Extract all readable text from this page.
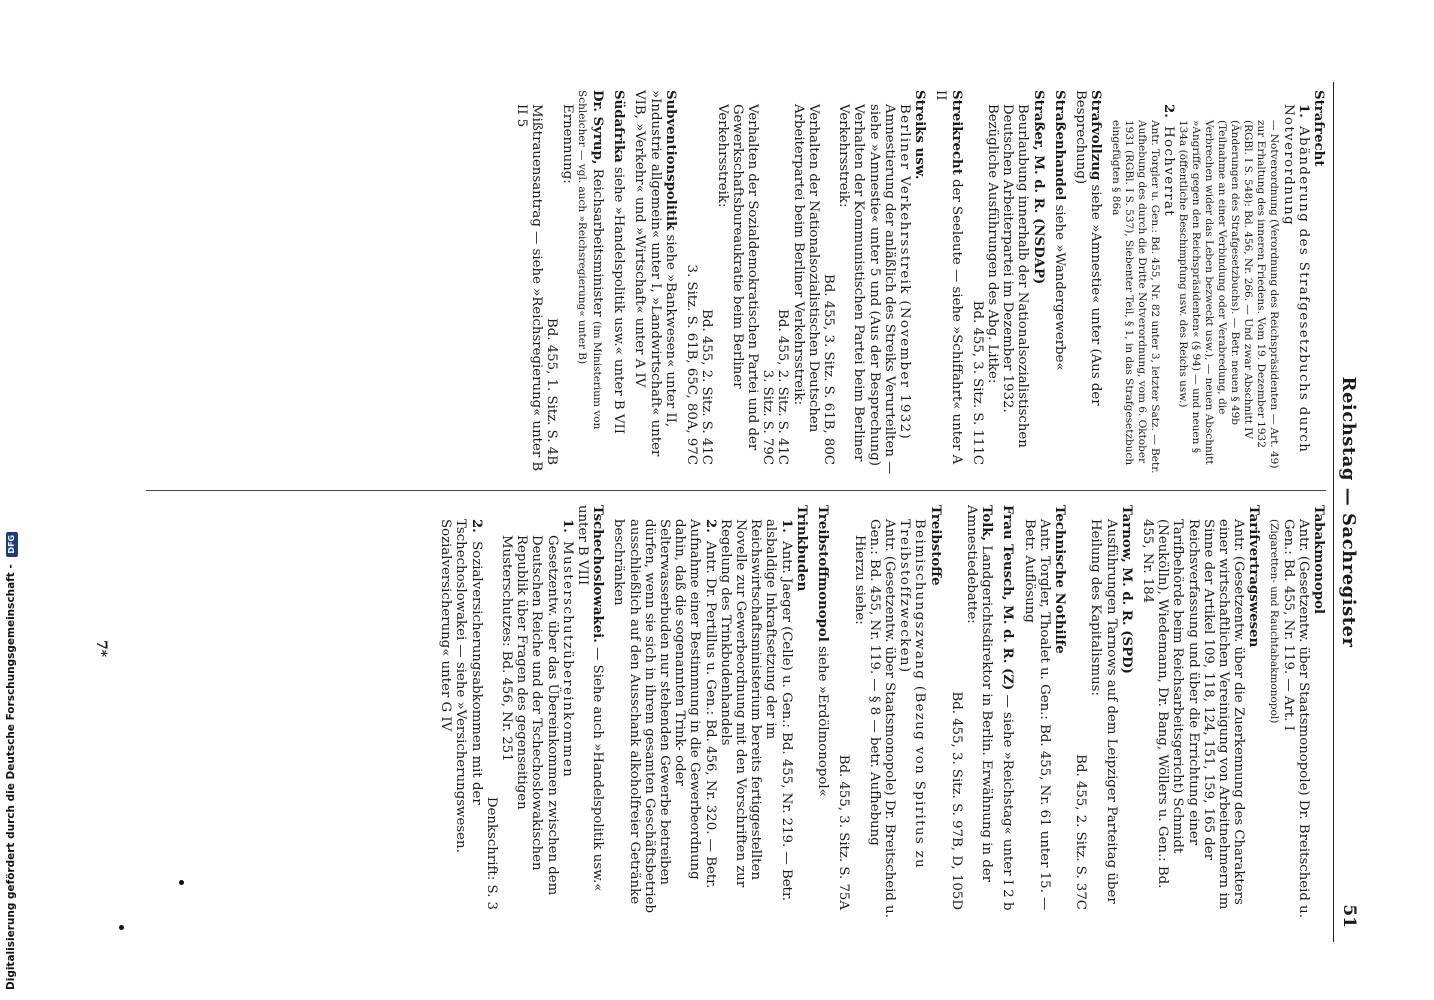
Reichstag — Sachregister
51
Strafrecht
1. Abänderung des Strafgesetzbuchs durch Notverordnung
— Notverordnung (Verordnung des Reichspräsidenten — Art. 49) zur Erhaltung des inneren Friedens. Vom 19. Dezember 1932 (RGBl. I S. 548): Bd. 456, Nr. 266. — Und zwar Abschnitt IV (Änderungen des Strafgesetzbuchs). — Betr. neuen § 49b (Teilnahme an einer Verbindung oder Verabredung, die Verbrechen wider das Leben bezweckt usw.), — neuen Abschnitt »Angriffe gegen den Reichspräsidenten« (§ 94) — und neuen § 134a (öffentliche Beschimpfung usw. des Reichs usw.)
2. Hochverrat
Antr. Torgler u. Gen.: Bd. 455, Nr. 82 unter 3, letzter Satz. — Betr. Aufhebung des durch die Dritte Notverordnung, vom 6. Oktober 1931 (RGBl. I S. 537), Siebenter Teil, § 1, in das Strafgesetzbuch eingefügten § 86a
Strafvollzug siehe »Amnestie« unter (Aus der Besprechung)
Straßenhandel siehe »Wandergewerbe«
Straßer, M. d. R. (NSDAP)
Beurlaubung innerhalb der Nationalsozialistischen Deutschen Arbeiterpartei im Dezember 1932. Bezügliche Ausführungen des Abg. Litke:
Bd. 455, 3. Sitz. S. 111C
Streikrecht der Seeleute — siehe »Schiffahrt« unter A II
Streiks usw.
Berliner Verkehrsstreik (November 1932)
Amnestierung der anläßlich des Streiks Verurteilten — siehe »Amnestie« unter 5 und (Aus der Besprechung)
Verhalten der Kommunistischen Partei beim Berliner Verkehrsstreik:
Bd. 455, 3. Sitz. S. 61B, 80C
Verhalten der Nationalsozialistischen Deutschen Arbeiterpartei beim Berliner Verkehrsstreik:
Bd. 455, 2. Sitz. S. 41C
3. Sitz. S. 79C
Verhalten der Sozialdemokratischen Partei und der Gewerkschaftsbureaukratie beim Berliner Verkehrsstreik:
Bd. 455, 2. Sitz. S. 41C
3. Sitz. S. 61B, 65C, 80A, 97C
Subventionspolitik siehe »Bankwesen« unter II, »Industrie allgemein« unter I, »Landwirtschaft« unter VIB, »Verkehr« und »Wirtschaft« unter A IV
Südafrika siehe »Handelspolitik usw.« unter B VII
Dr. Syrup, Reichsarbeitsminister (im Ministerium von Schleicher — vgl. auch »Reichsregierung« unter B)
Ernennung:
Bd. 455, 1. Sitz. S. 4B
Mißtrauensantrag — siehe »Reichsregierung« unter B II 5
Tabakmonopol
Antr. (Gesetzentw. über Staatsmonopole) Dr. Breitscheid u. Gen.: Bd. 455, Nr. 119. — Art. I
(Zigaretten- und Rauchtabakmonopol)
Tarifvertragswesen
Antr. (Gesetzentw. über die Zuerkennung des Charakters einer wirtschaftlichen Vereinigung von Arbeitnehmern im Sinne der Artikel 109, 118, 124, 151, 159, 165 der Reichsverfassung und über die Errichtung einer Tarifbehörde beim Reichsarbeitsgericht) Schmidt (Neukölln), Wiedemann, Dr. Bang, Wöllers u. Gen.: Bd. 455, Nr. 184
Tarnow, M. d. R. (SPD)
Ausführungen Tarnows auf dem Leipziger Parteitag über Heilung des Kapitalismus:
Bd. 455, 2. Sitz. S. 37C
Technische Nothilfe
Antr. Torgler, Thoalet u. Gen.: Bd. 455, Nr. 61 unter 15. — Betr. Auflösung
Frau Teusch, M. d. R. (Z) — siehe »Reichstag« unter I 2 b
Tolk, Landgerichtsdirektor in Berlin. Erwähnung in der Amnestiedebatte:
Bd. 455, 3. Sitz. S. 97B, D, 105D
Treibstoffe
Beimischungszwang (Bezug von Spiritus zu Treibstoffzwecken)
Antr. (Gesetzentw. über Staatsmonopole) Dr. Breitscheid u. Gen.: Bd. 455, Nr. 119. — § 8 — betr. Aufhebung
Hierzu siehe:
Bd. 455, 3. Sitz. S. 75A
Treibstoffmonopol siehe »Erdölmonopol«
Trinkbuden
1. Antr. Jaeger (Celle) u. Gen.: Bd. 455, Nr. 219. — Betr. alsbaldige Inkraftsetzung der im Reichswirtschaftsministerium bereits fertiggestellten Novelle zur Gewerbeordnung mit den Vorschriften zur Regelung des Trinkbudenhandels
2. Antr. Dr. Pertillus u. Gen.: Bd. 456, Nr. 320. — Betr. Aufnahme einer Bestimmung in die Gewerbeordnung dahin, daß die sogenannten Trink- oder Selterwasserbuden nur stehenden Gewerbe betreiben dürfen, wenn sie sich in ihrem gesamten Geschäftsbetrieb ausschließlich auf den Ausschank alkoholfreier Getränke beschränken
Tschechoslowakei. — Siehe auch »Handelspolitik usw.« unter B VIII
1. Musterschutzübereinkommen
Gesetzentw. über das Übereinkommen zwischen dem Deutschen Reiche und der Tschechoslowakischen Republik über Fragen des gegenseitigen Musterschutzes: Bd. 456, Nr. 251
Denkschrift: S. 3
2. Sozialversicherungsabkommen mit der Tschechoslowakei — siehe »Versicherungswesen. Sozialversicherung« unter G IV
7*
Digitalisierung gefördert durch die Deutsche Forschungsgemeinschaft - DFG
